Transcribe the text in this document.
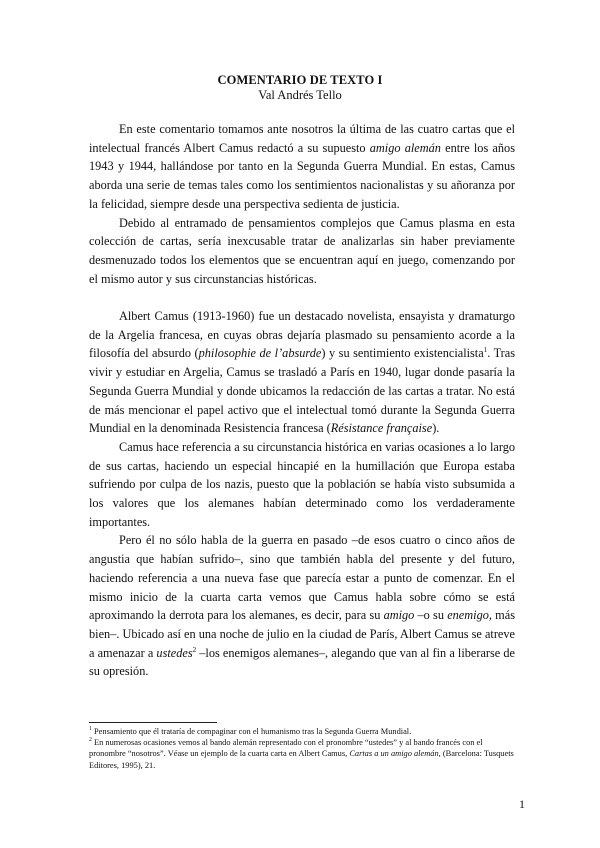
COMENTARIO DE TEXTO I
Val Andrés Tello

En este comentario tomamos ante nosotros la última de las cuatro cartas que el intelectual francés Albert Camus redactó a su supuesto amigo alemán entre los años 1943 y 1944, hallándose por tanto en la Segunda Guerra Mundial. En estas, Camus aborda una serie de temas tales como los sentimientos nacionalistas y su añoranza por la felicidad, siempre desde una perspectiva sedienta de justicia.

Debido al entramado de pensamientos complejos que Camus plasma en esta colección de cartas, sería inexcusable tratar de analizarlas sin haber previamente desmenuzado todos los elementos que se encuentran aquí en juego, comenzando por el mismo autor y sus circunstancias históricas.

Albert Camus (1913-1960) fue un destacado novelista, ensayista y dramaturgo de la Argelia francesa, en cuyas obras dejaría plasmado su pensamiento acorde a la filosofía del absurdo (philosophie de l’absurde) y su sentimiento existencialista$^1$. Tras vivir y estudiar en Argelia, Camus se trasladó a París en 1940, lugar donde pasaría la Segunda Guerra Mundial y donde ubicamos la redacción de las cartas a tratar. No está de más mencionar el papel activo que el intelectual tomó durante la Segunda Guerra Mundial en la denominada Resistencia francesa (Résistance française).

Camus hace referencia a su circunstancia histórica en varias ocasiones a lo largo de sus cartas, haciendo un especial hincapié en la humillación que Europa estaba sufriendo por culpa de los nazis, puesto que la población se había visto subsumida a los valores que los alemanes habían determinado como los verdaderamente importantes.

Pero él no sólo habla de la guerra en pasado –de esos cuatro o cinco años de angustia que habían sufrido–, sino que también habla del presente y del futuro, haciendo referencia a una nueva fase que parecía estar a punto de comenzar. En el mismo inicio de la cuarta carta vemos que Camus habla sobre cómo se está aproximando la derrota para los alemanes, es decir, para su amigo –o su enemigo, más bien–. Ubicado así en una noche de julio en la ciudad de París, Albert Camus se atreve a amenazar a ustedes$^2$ –los enemigos alemanes–, alegando que van al fin a liberarse de su opresión.

$^1$ Pensamiento que él trataría de compaginar con el humanismo tras la Segunda Guerra Mundial.

$^2$ En numerosas ocasiones vemos al bando alemán representado con el pronombre “ustedes” y al bando francés con el pronombre “nosotros”. Véase un ejemplo de la cuarta carta en Albert Camus, Cartas a un amigo alemán, (Barcelona: Tusquets Editores, 1995), 21.

1
